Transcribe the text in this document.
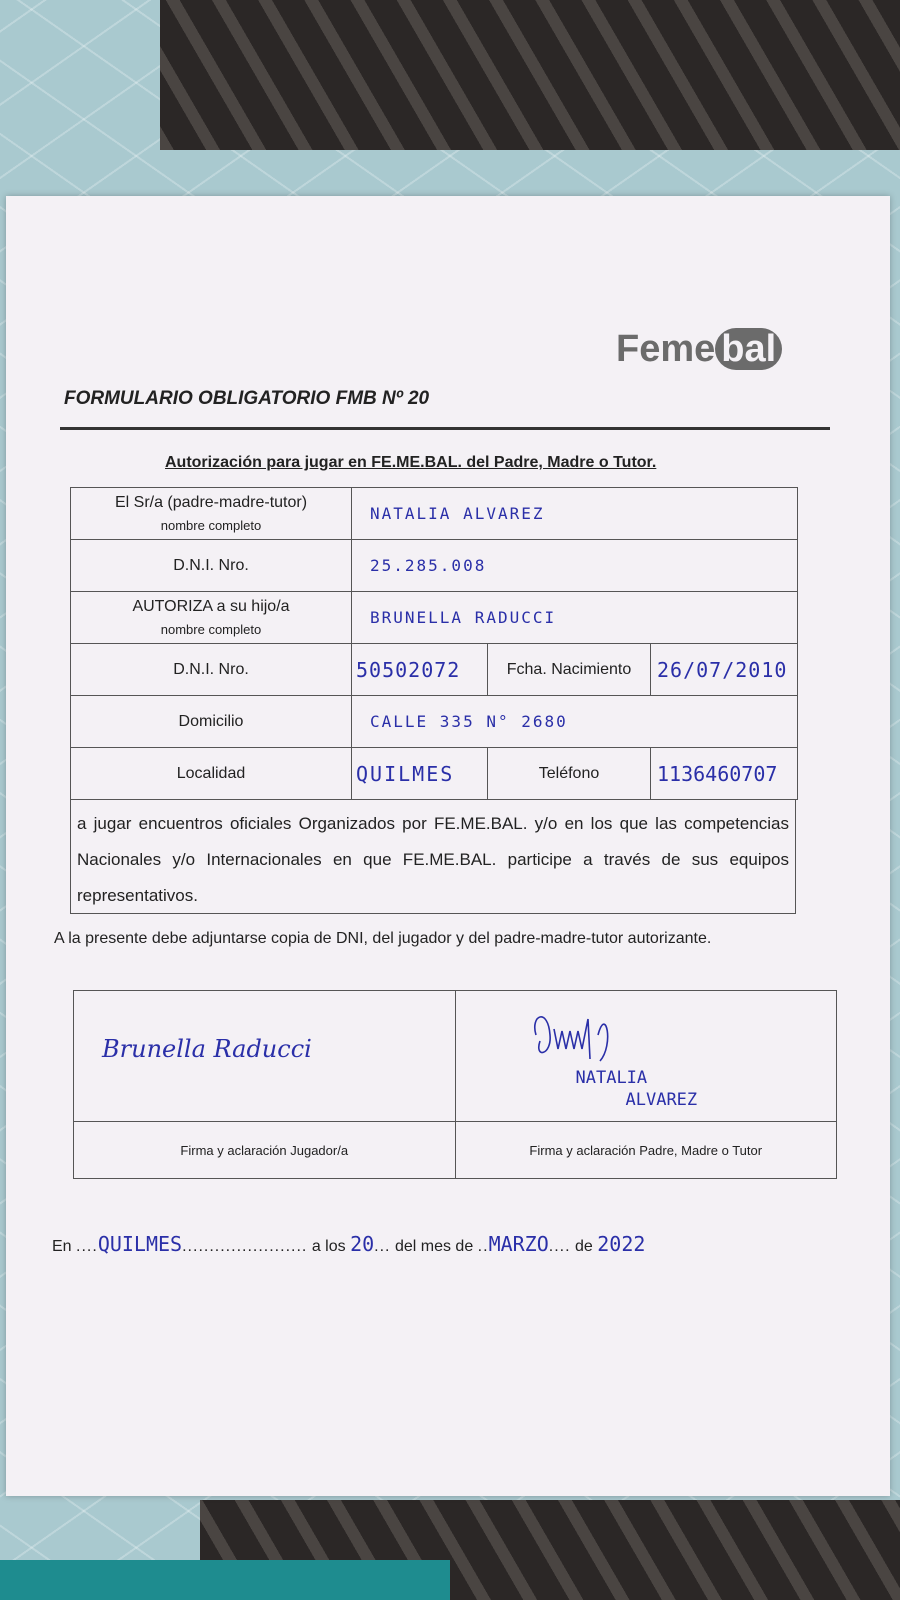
Feme bal
FORMULARIO OBLIGATORIO FMB Nº 20
Autorización para jugar en FE.ME.BAL. del Padre, Madre o Tutor.
El Sr/a (padre-madre-tutor)
nombre completo	NATALIA ALVAREZ		
D.N.I. Nro.	25.285.008		
AUTORIZA a su hijo/a
nombre completo	BRUNELLA RADUCCI		
D.N.I. Nro.	50502072	Fcha. Nacimiento	26/07/2010
Domicilio	CALLE 335 N° 2680		
Localidad	QUILMES	Teléfono	1136460707
a jugar encuentros oficiales Organizados por FE.ME.BAL. y/o en los que las competencias Nacionales y/o Internacionales en que FE.ME.BAL. participe a través de sus equipos representativos.
A la presente debe adjuntarse copia de DNI, del jugador y del padre-madre-tutor autorizante.
Brunella Raducci	NATALIA
ALVAREZ

Firma y aclaración Jugador/a	Firma y aclaración Padre, Madre o Tutor
En ....QUILMES....................... a los 20... del mes de ..MARZO.... de 2022
